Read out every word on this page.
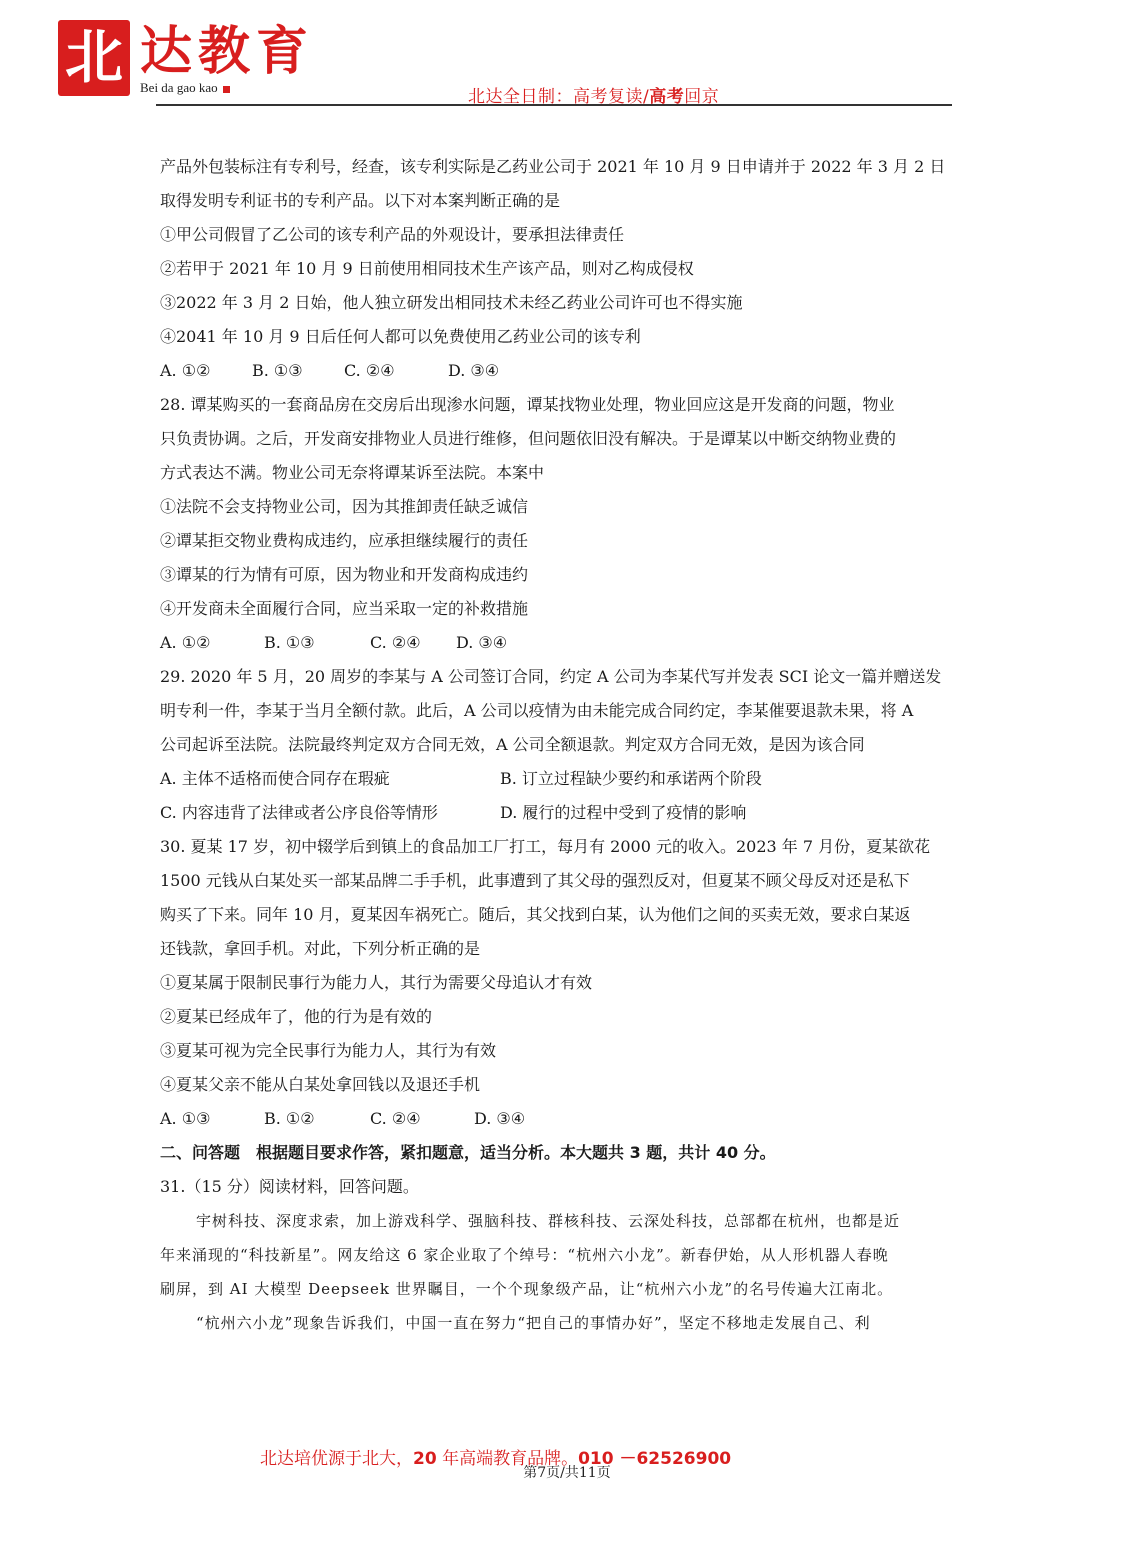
北 达教育
Bei da gao kao	北达全日制：高考复读/高考回京
产品外包装标注有专利号，经查，该专利实际是乙药业公司于 2021 年 10 月 9 日申请并于 2022 年 3 月 2 日
取得发明专利证书的专利产品。以下对本案判断正确的是
①甲公司假冒了乙公司的该专利产品的外观设计，要承担法律责任
②若甲于 2021 年 10 月 9 日前使用相同技术生产该产品，则对乙构成侵权
③2022 年 3 月 2 日始，他人独立研发出相同技术未经乙药业公司许可也不得实施
④2041 年 10 月 9 日后任何人都可以免费使用乙药业公司的该专利
A. ①②	B. ①③	C. ②④	D. ③④
28. 谭某购买的一套商品房在交房后出现渗水问题，谭某找物业处理，物业回应这是开发商的问题，物业
只负责协调。之后，开发商安排物业人员进行维修，但问题依旧没有解决。于是谭某以中断交纳物业费的
方式表达不满。物业公司无奈将谭某诉至法院。本案中
①法院不会支持物业公司，因为其推卸责任缺乏诚信
②谭某拒交物业费构成违约，应承担继续履行的责任
③谭某的行为情有可原，因为物业和开发商构成违约
④开发商未全面履行合同，应当采取一定的补救措施
A. ①②	B. ①③	C. ②④ D. ③④
29. 2020 年 5 月，20 周岁的李某与 A 公司签订合同，约定 A 公司为李某代写并发表 SCI 论文一篇并赠送发
明专利一件，李某于当月全额付款。此后，A 公司以疫情为由未能完成合同约定，李某催要退款未果，将 A
公司起诉至法院。法院最终判定双方合同无效，A 公司全额退款。判定双方合同无效，是因为该合同
A. 主体不适格而使合同存在瑕疵	B. 订立过程缺少要约和承诺两个阶段
C. 内容违背了法律或者公序良俗等情形	D. 履行的过程中受到了疫情的影响
30. 夏某 17 岁，初中辍学后到镇上的食品加工厂打工，每月有 2000 元的收入。2023 年 7 月份，夏某欲花
1500 元钱从白某处买一部某品牌二手手机，此事遭到了其父母的强烈反对，但夏某不顾父母反对还是私下
购买了下来。同年 10 月，夏某因车祸死亡。随后，其父找到白某，认为他们之间的买卖无效，要求白某返
还钱款，拿回手机。对此，下列分析正确的是
①夏某属于限制民事行为能力人，其行为需要父母追认才有效
②夏某已经成年了，他的行为是有效的
③夏某可视为完全民事行为能力人，其行为有效
④夏某父亲不能从白某处拿回钱以及退还手机
A. ①③	B. ①②	C. ②④	D. ③④
二、问答题　根据题目要求作答，紧扣题意，适当分析。本大题共 3 题，共计 40 分。
31.（15 分）阅读材料，回答问题。
宇树科技、深度求索，加上游戏科学、强脑科技、群核科技、云深处科技，总部都在杭州，也都是近
年来涌现的“科技新星”。网友给这 6 家企业取了个绰号：“杭州六小龙”。新春伊始，从人形机器人春晚
刷屏，到 AI 大模型 Deepseek 世界瞩目，一个个现象级产品，让“杭州六小龙”的名号传遍大江南北。
“杭州六小龙”现象告诉我们，中国一直在努力“把自己的事情办好”，坚定不移地走发展自己、利
北达培优源于北大，20 年高端教育品牌。010 －62526900
第7页/共11页
